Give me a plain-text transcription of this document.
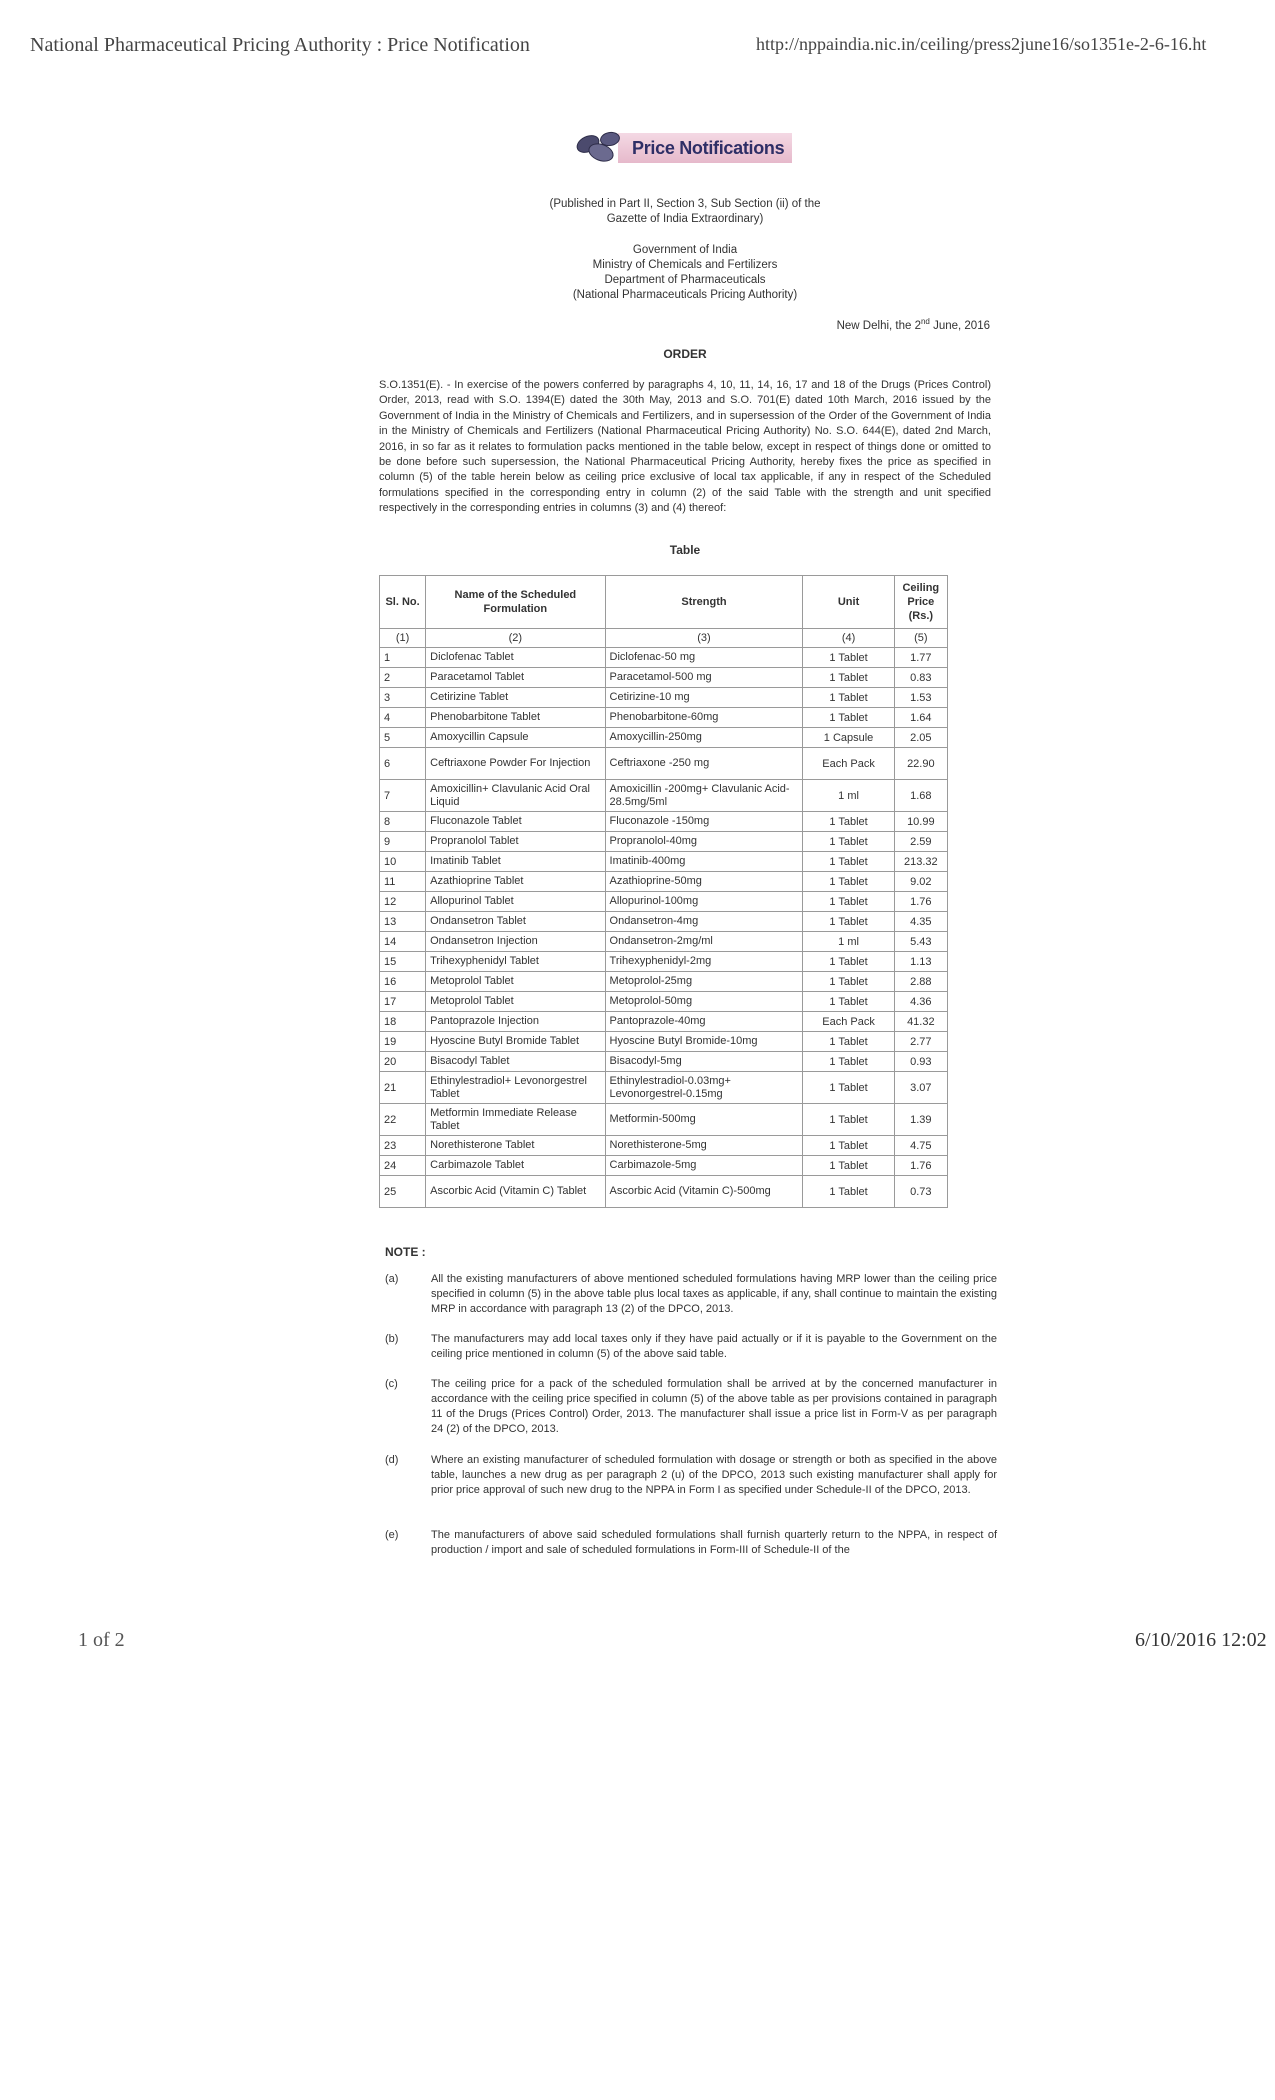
National Pharmaceutical Pricing Authority : Price Notification	http://nppaindia.nic.in/ceiling/press2june16/so1351e-2-6-16.ht
Price Notifications
(Published in Part II, Section 3, Sub Section (ii) of the
Gazette of India Extraordinary)
Government of India
Ministry of Chemicals and Fertilizers
Department of Pharmaceuticals
(National Pharmaceuticals Pricing Authority)
New Delhi, the 2nd June, 2016
ORDER
S.O.1351(E). - In exercise of the powers conferred by paragraphs 4, 10, 11, 14, 16, 17 and 18 of the Drugs (Prices Control) Order, 2013, read with S.O. 1394(E) dated the 30th May, 2013 and S.O. 701(E) dated 10th March, 2016 issued by the Government of India in the Ministry of Chemicals and Fertilizers, and in supersession of the Order of the Government of India in the Ministry of Chemicals and Fertilizers (National Pharmaceutical Pricing Authority) No. S.O. 644(E), dated 2nd March, 2016, in so far as it relates to formulation packs mentioned in the table below, except in respect of things done or omitted to be done before such supersession, the National Pharmaceutical Pricing Authority, hereby fixes the price as specified in column (5) of the table herein below as ceiling price exclusive of local tax applicable, if any in respect of the Scheduled formulations specified in the corresponding entry in column (2) of the said Table with the strength and unit specified respectively in the corresponding entries in columns (3) and (4) thereof:
Table
Sl. No.	Name of the Scheduled Formulation	Strength	Unit	Ceiling Price (Rs.)
(1)	(2)	(3)	(4)	(5)
1	Diclofenac Tablet	Diclofenac-50 mg	1 Tablet	1.77
2	Paracetamol Tablet	Paracetamol-500 mg	1 Tablet	0.83
3	Cetirizine Tablet	Cetirizine-10 mg	1 Tablet	1.53
4	Phenobarbitone Tablet	Phenobarbitone-60mg	1 Tablet	1.64
5	Amoxycillin Capsule	Amoxycillin-250mg	1 Capsule	2.05
6	Ceftriaxone Powder For Injection	Ceftriaxone -250 mg	Each Pack	22.90
7	Amoxicillin+ Clavulanic Acid Oral Liquid	Amoxicillin -200mg+ Clavulanic Acid-28.5mg/5ml	1 ml	1.68
8	Fluconazole Tablet	Fluconazole -150mg	1 Tablet	10.99
9	Propranolol Tablet	Propranolol-40mg	1 Tablet	2.59
10	Imatinib Tablet	Imatinib-400mg	1 Tablet	213.32
11	Azathioprine Tablet	Azathioprine-50mg	1 Tablet	9.02
12	Allopurinol Tablet	Allopurinol-100mg	1 Tablet	1.76
13	Ondansetron Tablet	Ondansetron-4mg	1 Tablet	4.35
14	Ondansetron Injection	Ondansetron-2mg/ml	1 ml	5.43
15	Trihexyphenidyl Tablet	Trihexyphenidyl-2mg	1 Tablet	1.13
16	Metoprolol Tablet	Metoprolol-25mg	1 Tablet	2.88
17	Metoprolol Tablet	Metoprolol-50mg	1 Tablet	4.36
18	Pantoprazole Injection	Pantoprazole-40mg	Each Pack	41.32
19	Hyoscine Butyl Bromide Tablet	Hyoscine Butyl Bromide-10mg	1 Tablet	2.77
20	Bisacodyl Tablet	Bisacodyl-5mg	1 Tablet	0.93
21	Ethinylestradiol+ Levonorgestrel Tablet	Ethinylestradiol-0.03mg+ Levonorgestrel-0.15mg	1 Tablet	3.07
22	Metformin Immediate Release Tablet	Metformin-500mg	1 Tablet	1.39
23	Norethisterone Tablet	Norethisterone-5mg	1 Tablet	4.75
24	Carbimazole Tablet	Carbimazole-5mg	1 Tablet	1.76
25	Ascorbic Acid (Vitamin C) Tablet	Ascorbic Acid (Vitamin C)-500mg	1 Tablet	0.73
NOTE :
(a)	All the existing manufacturers of above mentioned scheduled formulations having MRP lower than the ceiling price specified in column (5) in the above table plus local taxes as applicable, if any, shall continue to maintain the existing MRP in accordance with paragraph 13 (2) of the DPCO, 2013.
(b)	The manufacturers may add local taxes only if they have paid actually or if it is payable to the Government on the ceiling price mentioned in column (5) of the above said table.
(c)	The ceiling price for a pack of the scheduled formulation shall be arrived at by the concerned manufacturer in accordance with the ceiling price specified in column (5) of the above table as per provisions contained in paragraph 11 of the Drugs (Prices Control) Order, 2013. The manufacturer shall issue a price list in Form-V as per paragraph 24 (2) of the DPCO, 2013.
(d)	Where an existing manufacturer of scheduled formulation with dosage or strength or both as specified in the above table, launches a new drug as per paragraph 2 (u) of the DPCO, 2013 such existing manufacturer shall apply for prior price approval of such new drug to the NPPA in Form I as specified under Schedule-II of the DPCO, 2013.
(e)	The manufacturers of above said scheduled formulations shall furnish quarterly return to the NPPA, in respect of production / import and sale of scheduled formulations in Form-III of Schedule-II of the
1 of 2	6/10/2016 12:02
